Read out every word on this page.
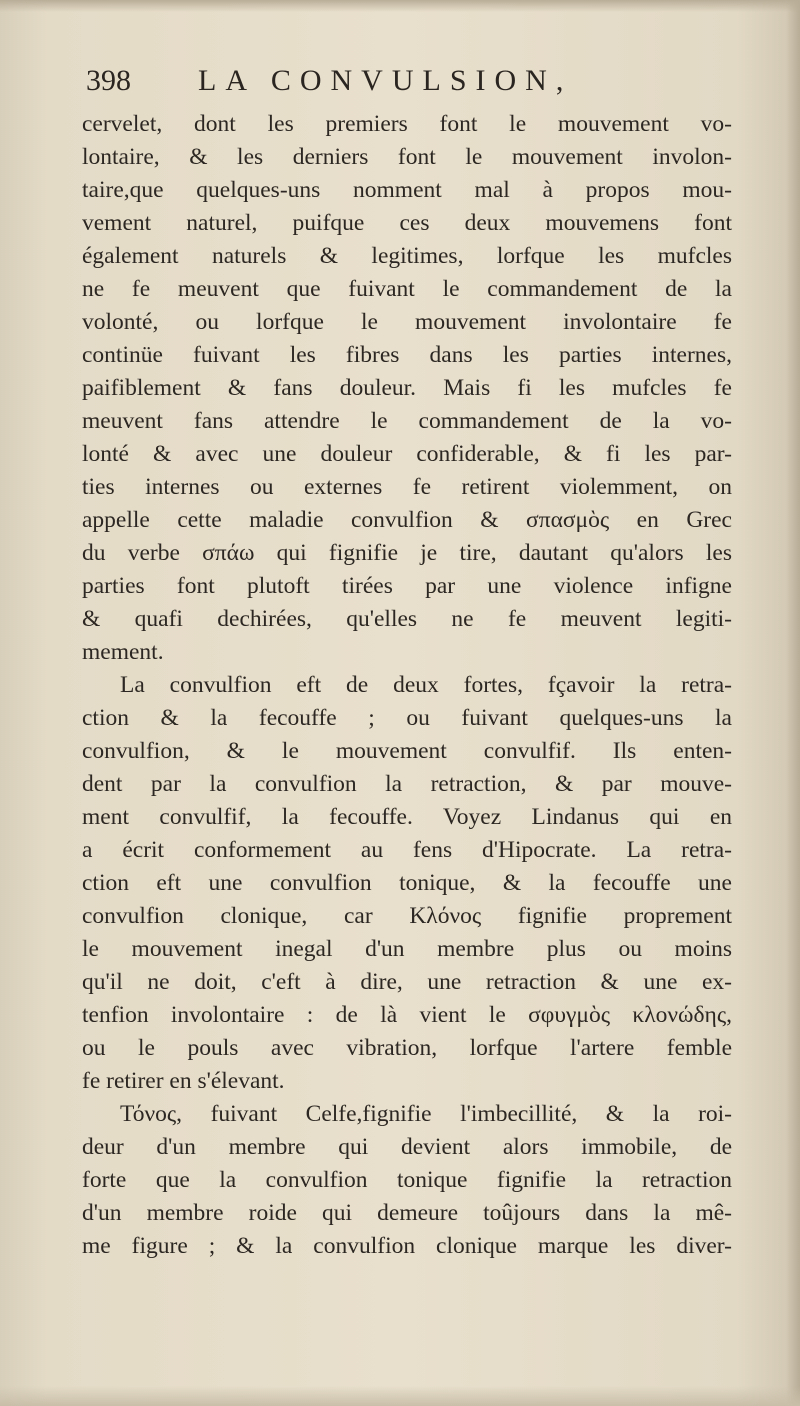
398 LA CONVULSION,
cervelet, dont les premiers font le mouvement vo-
lontaire, & les derniers font le mouvement involon-
taire,que quelques-uns nomment mal à propos mou-
vement naturel, puifque ces deux mouvemens font
également naturels & legitimes, lorfque les mufcles
ne fe meuvent que fuivant le commandement de la
volonté, ou lorfque le mouvement involontaire fe
continüe fuivant les fibres dans les parties internes,
paifiblement & fans douleur. Mais fi les mufcles fe
meuvent fans attendre le commandement de la vo-
lonté & avec une douleur confiderable, & fi les par-
ties internes ou externes fe retirent violemment, on
appelle cette maladie convulfion & σπασμὸς en Grec
du verbe σπάω qui fignifie je tire, dautant qu'alors les
parties font plutoft tirées par une violence infigne
& quafi dechirées, qu'elles ne fe meuvent legiti-
mement.
La convulfion eft de deux fortes, fçavoir la retra-
ction & la fecouffe ; ou fuivant quelques-uns la
convulfion, & le mouvement convulfif. Ils enten-
dent par la convulfion la retraction, & par mouve-
ment convulfif, la fecouffe. Voyez Lindanus qui en
a écrit conformement au fens d'Hipocrate. La retra-
ction eft une convulfion tonique, & la fecouffe une
convulfion clonique, car Κλόνος fignifie proprement
le mouvement inegal d'un membre plus ou moins
qu'il ne doit, c'eft à dire, une retraction & une ex-
tenfion involontaire : de là vient le σφυγμὸς κλονώδης,
ou le pouls avec vibration, lorfque l'artere femble
fe retirer en s'élevant.
Τόνος, fuivant Celfe,fignifie l'imbecillité, & la roi-
deur d'un membre qui devient alors immobile, de
forte que la convulfion tonique fignifie la retraction
d'un membre roide qui demeure toûjours dans la mê-
me figure ; & la convulfion clonique marque les diver-
